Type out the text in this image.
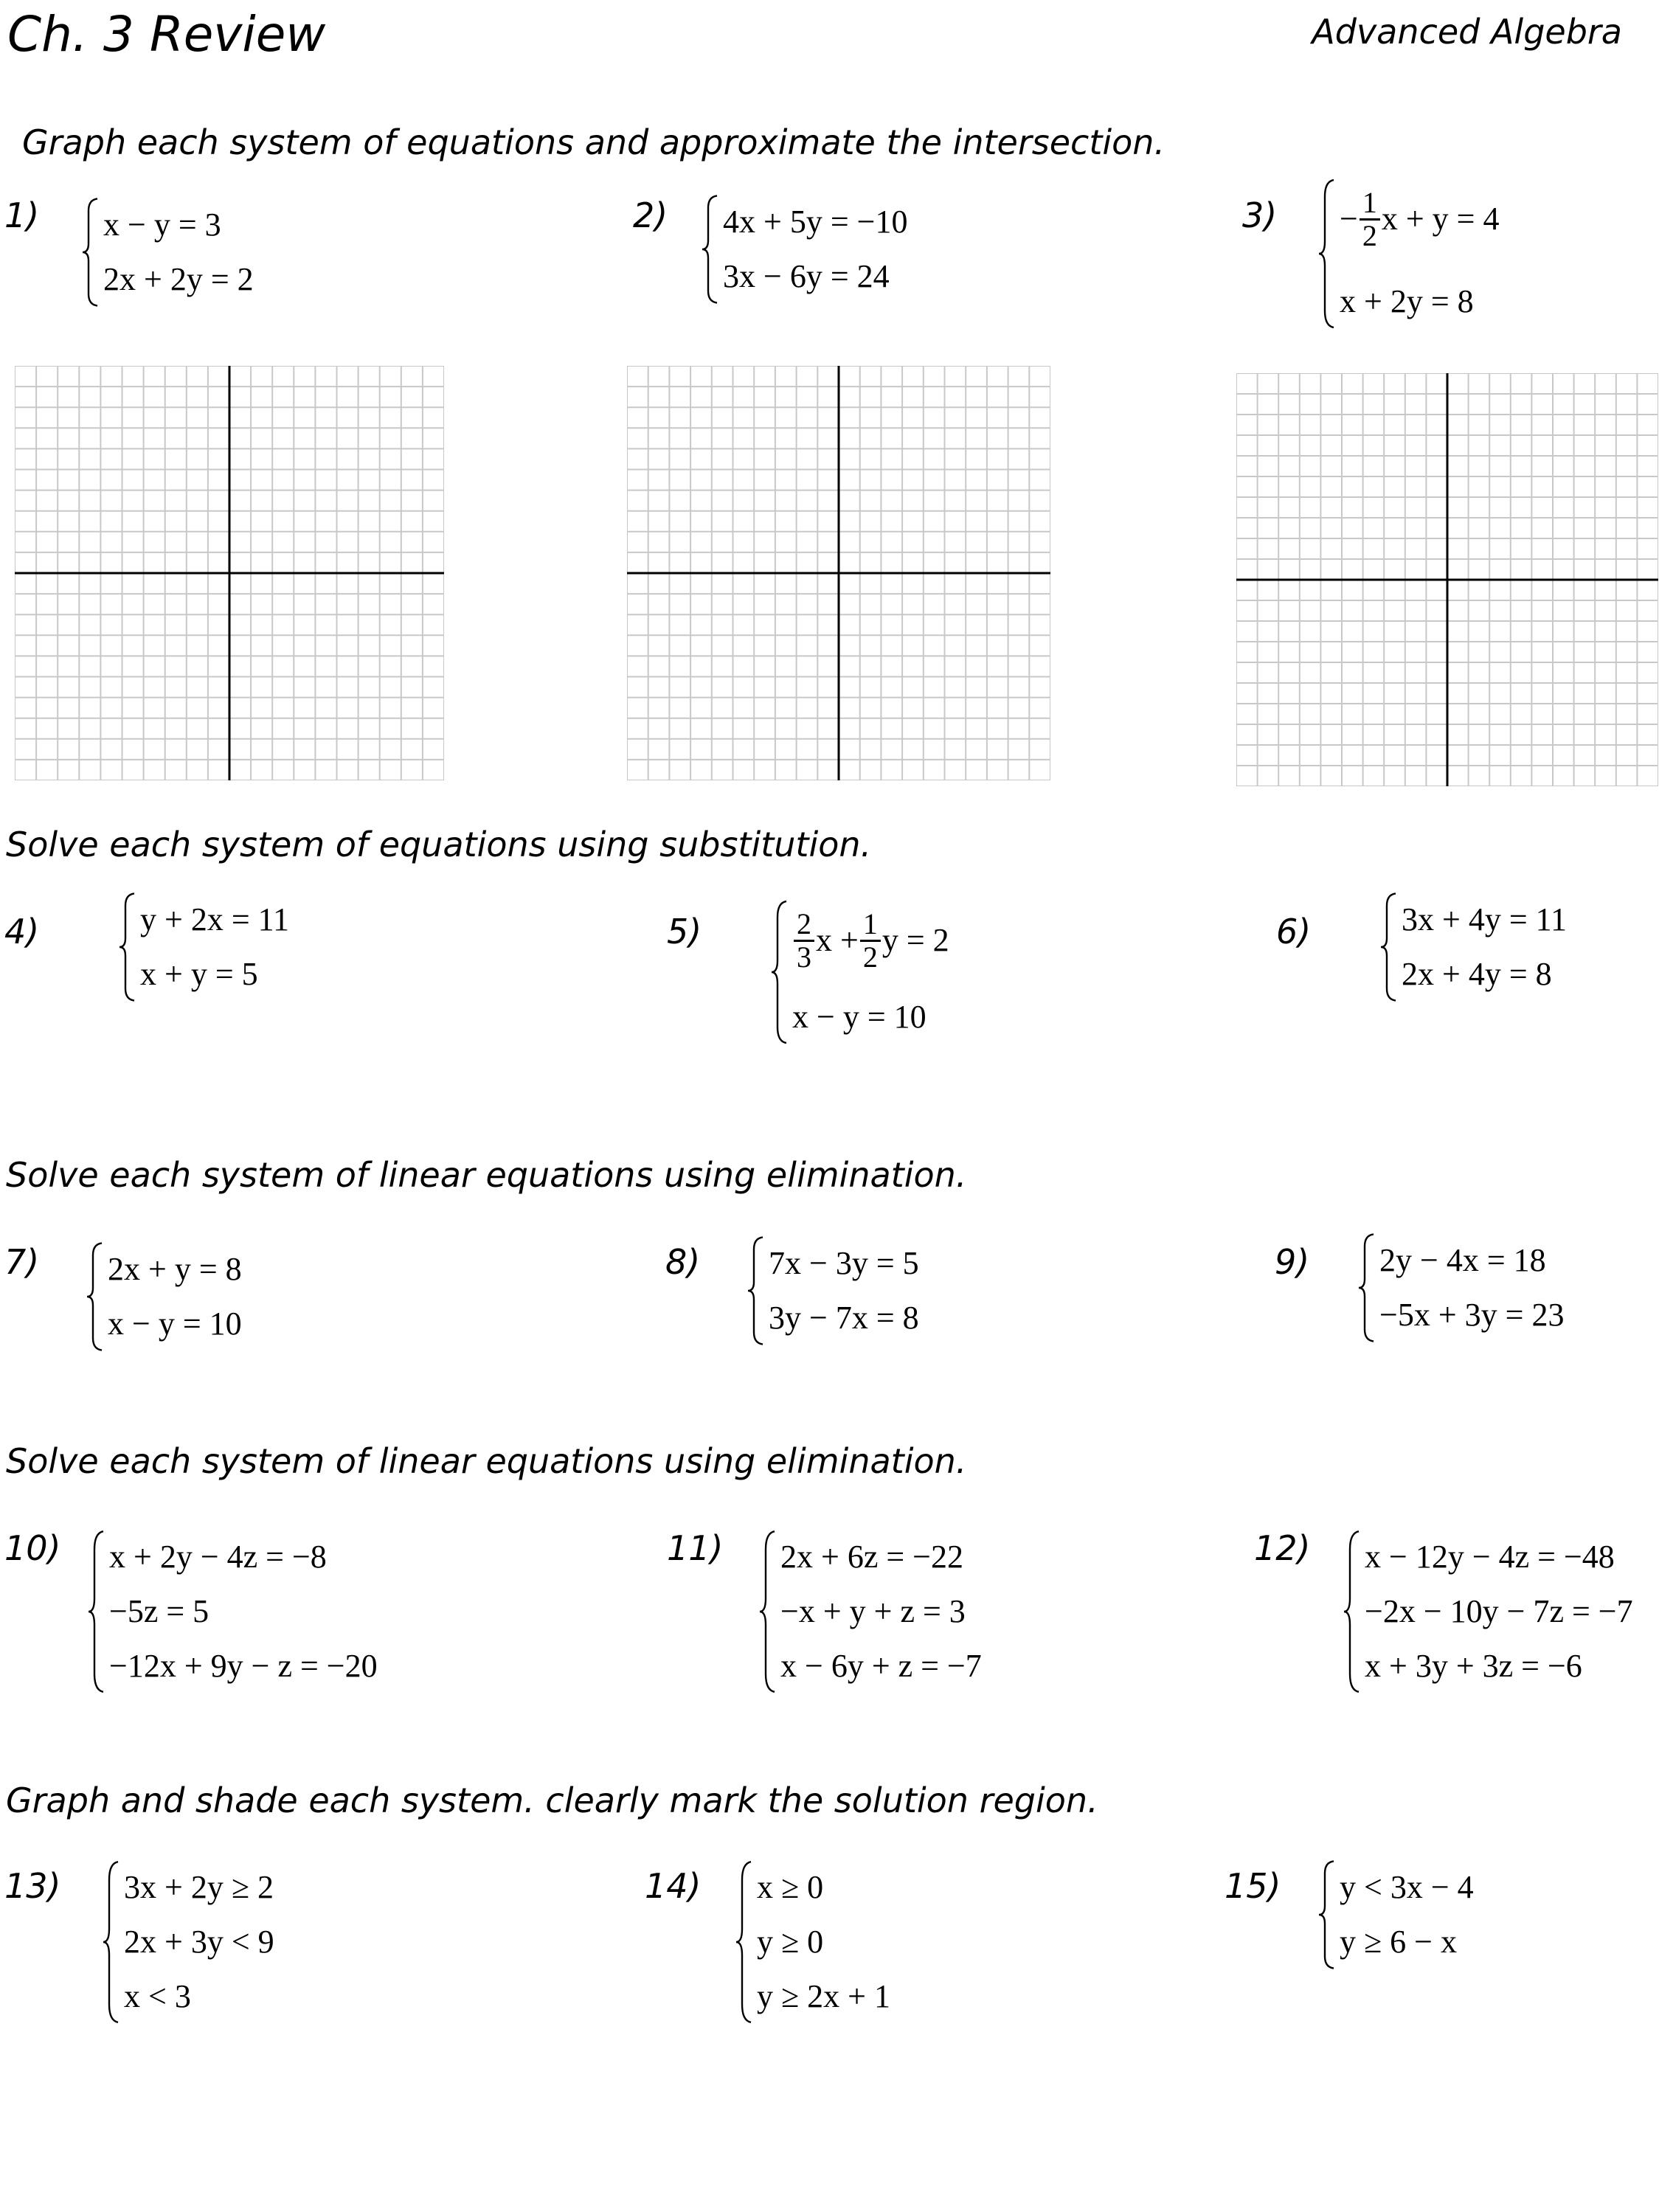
Ch. 3 Review	Advanced Algebra
Graph each system of equations and approximate the intersection.
1) x − y = 3
2x + 2y = 2
2) 4x + 5y = −10
3x − 6y = 24
$3) - \frac{1}{2}$ x + y = 4
x + 2y = 8
Solve each system of equations using substitution.
4)	y + 2x = 11
x + y = 5
5)	$\frac{2}{3}$ $x + \frac{1}{2}$ y = 2
x − y = 10
6)	3x + 4y = 11
2x + 4y = 8
Solve each system of linear equations using elimination.
7) 2x + y = 8
x − y = 10
8) 7x − 3y = 5
3y − 7x = 8
9) 2y − 4x = 18
−5x + 3y = 23
Solve each system of linear equations using elimination.
10) x + 2y − 4z = −8
−5z = 5
−12x + 9y − z = −20
11) 2x + 6z = −22
−x + y + z = 3
x − 6y + z = −7
12) x − 12y − 4z = −48
−2x − 10y − 7z = −7
x + 3y + 3z = −6
Graph and shade each system. clearly mark the solution region.
13) 3x + 2y ≥ 2
2x + 3y < 9
x < 3
14) x ≥ 0
y ≥ 0
y ≥ 2x + 1
15) y < 3x − 4
y ≥ 6 − x
